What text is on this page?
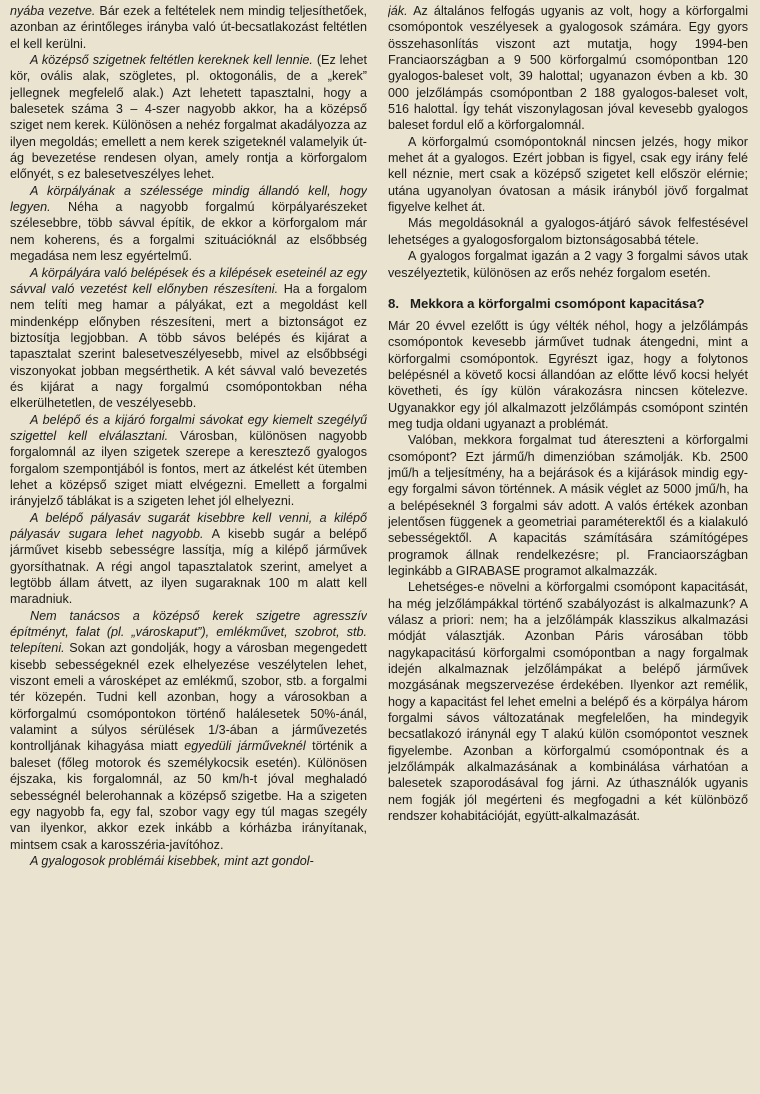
nyába vezetve. Bár ezek a feltételek nem mindig teljesíthetőek, azonban az érintőleges irányba való út-becsatlakozást feltétlen el kell kerülni.

A középső szigetnek feltétlen kereknek kell lennie. (Ez lehet kör, ovális alak, szögletes, pl. oktogonális, de a „kerek” jellegnek megfelelő alak.) Azt lehetett tapasztalni, hogy a balesetek száma 3 – 4-szer nagyobb akkor, ha a középső sziget nem kerek. Különösen a nehéz forgalmat akadályozza az ilyen megoldás; emellett a nem kerek szigeteknél valamelyik út-ág bevezetése rendesen olyan, amely rontja a körforgalom előnyét, s ez balesetveszélyes lehet.

A körpályának a szélessége mindig állandó kell, hogy legyen. Néha a nagyobb forgalmú körpályarészeket szélesebbre, több sávval építik, de ekkor a körforgalom már nem koherens, és a forgalmi szituációknál az elsőbbség megadása nem lesz egyértelmű.

A körpályára való belépések és a kilépések eseteinél az egy sávval való vezetést kell előnyben részesíteni. Ha a forgalom nem telíti meg hamar a pályákat, ezt a megoldást kell mindenképp előnyben részesíteni, mert a biztonságot ez biztosítja legjobban. A több sávos belépés és kijárat a tapasztalat szerint balesetveszélyesebb, mivel az elsőbbségi viszonyokat jobban megsérthetik. A két sávval való bevezetés és kijárat a nagy forgalmú csomópontokban néha elkerülhetetlen, de veszélyesebb.

A belépő és a kijáró forgalmi sávokat egy kiemelt szegélyű szigettel kell elválasztani. Városban, különösen nagyobb forgalomnál az ilyen szigetek szerepe a keresztező gyalogos forgalom szempontjából is fontos, mert az átkelést két ütemben lehet a középső sziget miatt elvégezni. Emellett a forgalmi irányjelző táblákat is a szigeten lehet jól elhelyezni.

A belépő pályasáv sugarát kisebbre kell venni, a kilépő pályasáv sugara lehet nagyobb. A kisebb sugár a belépő járművet kisebb sebességre lassítja, míg a kilépő járművek gyorsíthatnak. A régi angol tapasztalatok szerint, amelyet a legtöbb állam átvett, az ilyen sugaraknak 100 m alatt kell maradniuk.

Nem tanácsos a középső kerek szigetre agresszív építményt, falat (pl. „városkaput”), emlékművet, szobrot, stb. telepíteni. Sokan azt gondolják, hogy a városban megengedett kisebb sebességeknél ezek elhelyezése veszélytelen lehet, viszont emeli a városképet az emlékmű, szobor, stb. a forgalmi tér közepén. Tudni kell azonban, hogy a városokban a körforgalmú csomópontokon történő halálesetek 50%-ánál, valamint a súlyos sérülések 1/3-ában a járművezetés kontrolljának kihagyása miatt egyedüli járműveknél történik a baleset (főleg motorok és személykocsik esetén). Különösen éjszaka, kis forgalomnál, az 50 km/h-t jóval meghaladó sebességnél belerohannak a középső szigetbe. Ha a szigeten egy nagyobb fa, egy fal, szobor vagy egy túl magas szegély van ilyenkor, akkor ezek inkább a kórházba irányítanak, mintsem csak a karosszéria-javítóhoz.

A gyalogosok problémái kisebbek, mint azt gondol-

ják. Az általános felfogás ugyanis az volt, hogy a körforgalmi csomópontok veszélyesek a gyalogosok számára. Egy gyors összehasonlítás viszont azt mutatja, hogy 1994-ben Franciaországban a 9 500 körforgalmú csomópontban 120 gyalogos-baleset volt, 39 halottal; ugyanazon évben a kb. 30 000 jelzőlámpás csomópontban 2 188 gyalogos-baleset volt, 516 halottal. Így tehát viszonylagosan jóval kevesebb gyalogos baleset fordul elő a körforgalomnál.

A körforgalmú csomópontoknál nincsen jelzés, hogy mikor mehet át a gyalogos. Ezért jobban is figyel, csak egy irány felé kell néznie, mert csak a középső szigetet kell először elérnie; utána ugyanolyan óvatosan a másik irányból jövő forgalmat figyelve kelhet át.

Más megoldásoknál a gyalogos-átjáró sávok felfestésével lehetséges a gyalogosforgalom biztonságosabbá tétele.

A gyalogos forgalmat igazán a 2 vagy 3 forgalmi sávos utak veszélyeztetik, különösen az erős nehéz forgalom esetén.

8. Mekkora a körforgalmi csomópont kapacitása?

Már 20 évvel ezelőtt is úgy vélték néhol, hogy a jelzőlámpás csomópontok kevesebb járművet tudnak átengedni, mint a körforgalmi csomópontok. Egyrészt igaz, hogy a folytonos belépésnél a követő kocsi állandóan az előtte lévő kocsi helyét követheti, és így külön várakozásra nincsen kötelezve. Ugyanakkor egy jól alkalmazott jelzőlámpás csomópont szintén meg tudja oldani ugyanazt a problémát.

Valóban, mekkora forgalmat tud átereszteni a körforgalmi csomópont? Ezt jármű/h dimenzióban számolják. Kb. 2500 jmű/h a teljesítmény, ha a bejárások és a kijárások mindig egy-egy forgalmi sávon történnek. A másik véglet az 5000 jmű/h, ha a belépéseknél 3 forgalmi sáv adott. A valós értékek azonban jelentősen függenek a geometriai paraméterektől és a kialakuló sebességektől. A kapacitás számítására számítógépes programok állnak rendelkezésre; pl. Franciaországban leginkább a GIRABASE programot alkalmazzák.

Lehetséges-e növelni a körforgalmi csomópont kapacitását, ha még jelzőlámpákkal történő szabályozást is alkalmazunk? A válasz a priori: nem; ha a jelzőlámpák klasszikus alkalmazási módját választják. Azonban Páris városában több nagykapacitású körforgalmi csomópontban a nagy forgalmak idején alkalmaznak jelzőlámpákat a belépő járművek mozgásának megszervezése érdekében. Ilyenkor azt remélik, hogy a kapacitást fel lehet emelni a belépő és a körpálya három forgalmi sávos változatának megfelelően, ha mindegyik becsatlakozó iránynál egy T alakú külön csomópontot vesznek figyelembe. Azonban a körforgalmú csomópontnak és a jelzőlámpák alkalmazásának a kombinálása várhatóan a balesetek szaporodásával fog járni. Az úthasználók ugyanis nem fogják jól megérteni és megfogadni a két különböző rendszer kohabitációját, együtt-alkalmazását.
